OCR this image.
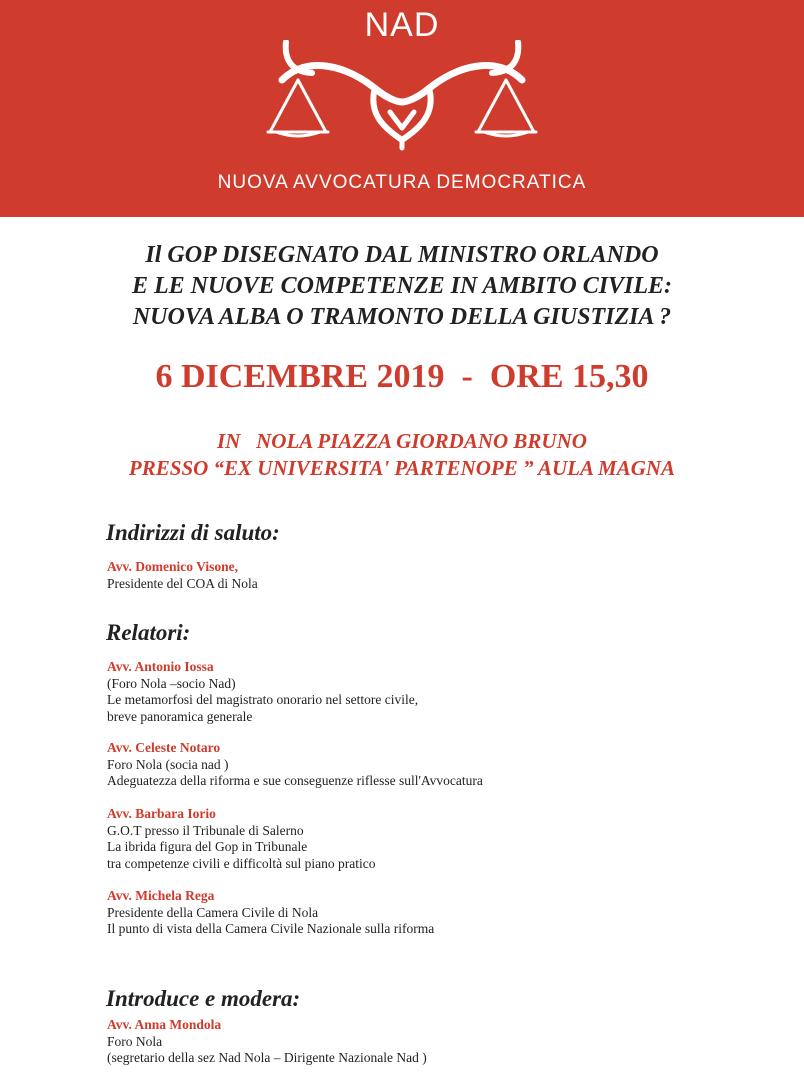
NAD
NUOVA AVVOCATURA DEMOCRATICA
Il GOP DISEGNATO DAL MINISTRO ORLANDO
E LE NUOVE COMPETENZE IN AMBITO CIVILE:
NUOVA ALBA O TRAMONTO DELLA GIUSTIZIA ?
6 DICEMBRE 2019  -  ORE 15,30
IN   NOLA PIAZZA GIORDANO BRUNO
PRESSO “EX UNIVERSITA' PARTENOPE ” AULA MAGNA
Indirizzi di saluto:
Avv. Domenico Visone,
Presidente del COA di Nola
Relatori:
Avv. Antonio Iossa
(Foro Nola –socio Nad)
Le metamorfosi del magistrato onorario nel settore civile,
breve panoramica generale
Avv. Celeste Notaro
Foro Nola (socia nad )
Adeguatezza della riforma e sue conseguenze riflesse sull'Avvocatura
Avv. Barbara Iorio
G.O.T presso il Tribunale di Salerno
La ibrida figura del Gop in Tribunale
tra competenze civili e difficoltà sul piano pratico
Avv. Michela Rega
Presidente della Camera Civile di Nola
Il punto di vista della Camera Civile Nazionale sulla riforma
Introduce e modera:
Avv. Anna Mondola
Foro Nola
(segretario della sez Nad Nola – Dirigente Nazionale Nad )
